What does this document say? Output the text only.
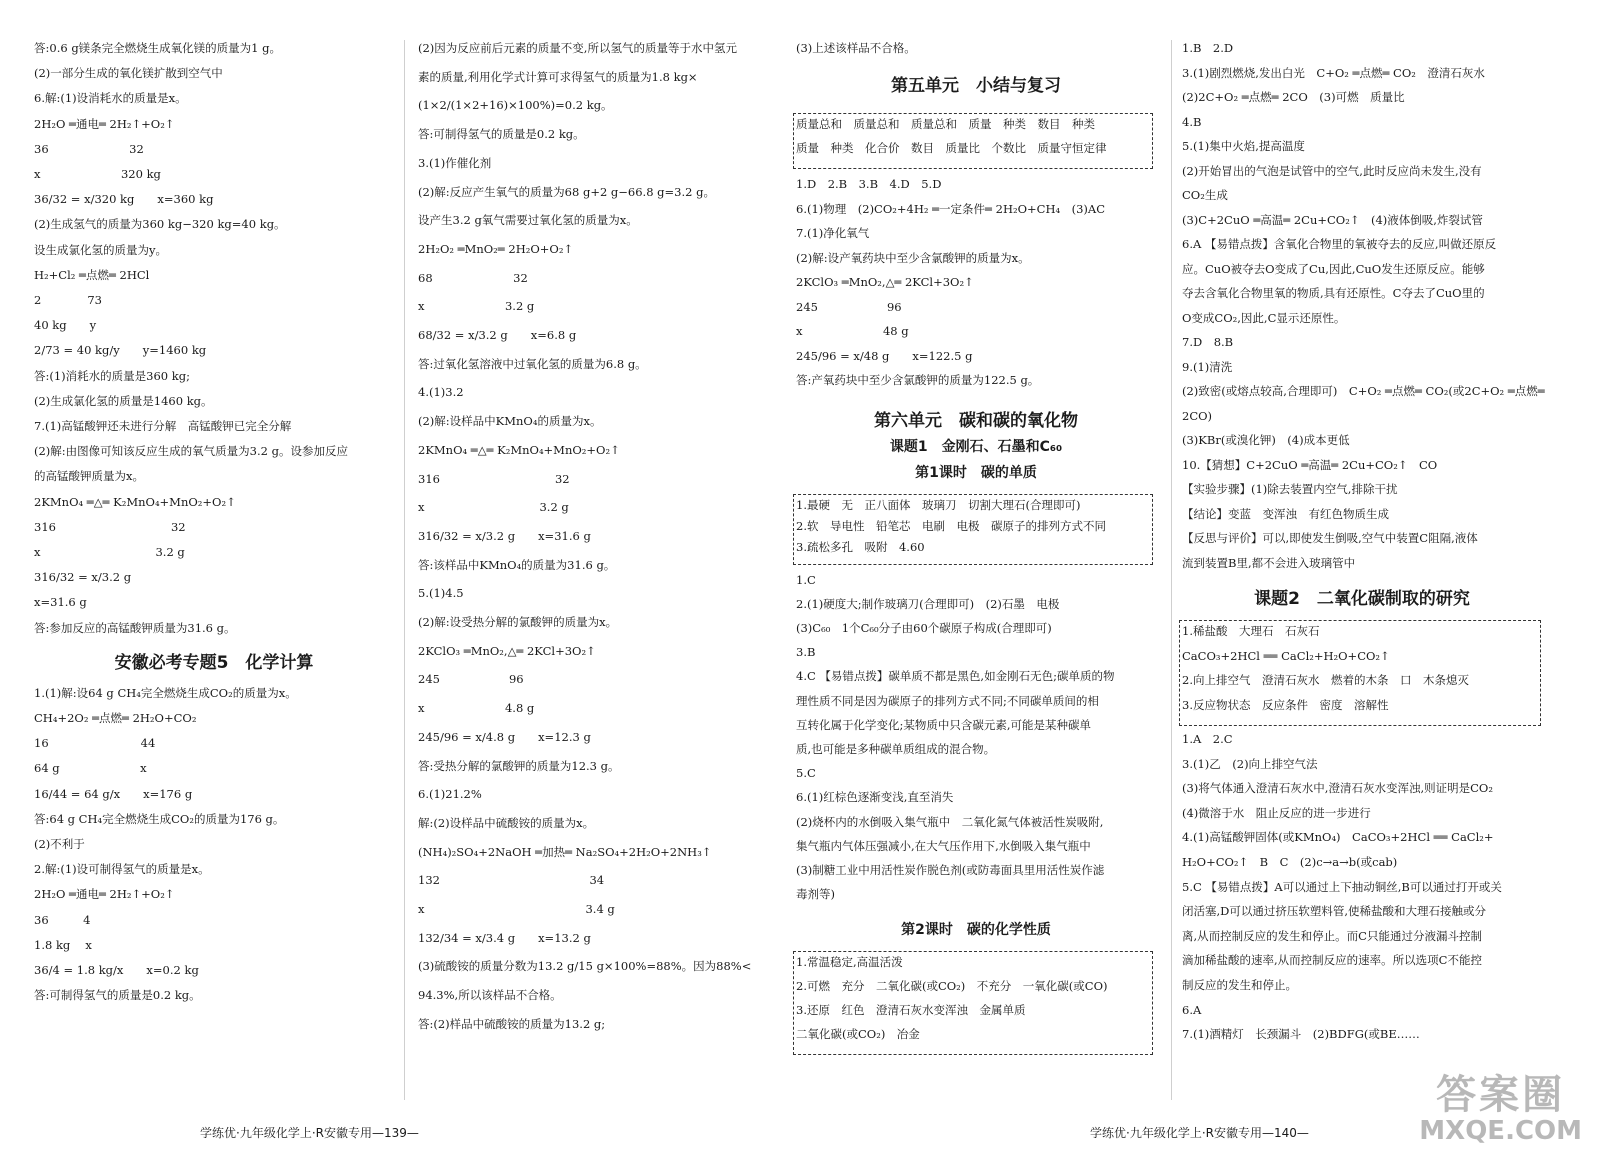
答:0.6 g镁条完全燃烧生成氧化镁的质量为1 g。
(2)一部分生成的氧化镁扩散到空气中
6.解:(1)设消耗水的质量是x。
2H₂O ═通电═ 2H₂↑+O₂↑
36　　　　　　　32
x　　　　　　　320 kg
36/32 = x/320 kg　　x=360 kg
(2)生成氢气的质量为360 kg−320 kg=40 kg。
设生成氯化氢的质量为y。
H₂+Cl₂ ═点燃═ 2HCl
2　　　　73
40 kg　　y
2/73 = 40 kg/y　　y=1460 kg
答:(1)消耗水的质量是360 kg;
(2)生成氯化氢的质量是1460 kg。
7.(1)高锰酸钾还未进行分解　高锰酸钾已完全分解
(2)解:由图像可知该反应生成的氧气质量为3.2 g。设参加反应
的高锰酸钾质量为x。
2KMnO₄ ═△═ K₂MnO₄+MnO₂+O₂↑
316　　　　　　　　　　32
x　　　　　　　　　　3.2 g
316/32 = x/3.2 g
x=31.6 g
答:参加反应的高锰酸钾质量为31.6 g。
安徽必考专题5　化学计算
1.(1)解:设64 g CH₄完全燃烧生成CO₂的质量为x。
CH₄+2O₂ ═点燃═ 2H₂O+CO₂
16　　　　　　　　44
64 g　　　　　　　x
16/44 = 64 g/x　　x=176 g
答:64 g CH₄完全燃烧生成CO₂的质量为176 g。
(2)不利于
2.解:(1)设可制得氢气的质量是x。
2H₂O ═通电═ 2H₂↑+O₂↑
36　　　4
1.8 kg　 x
36/4 = 1.8 kg/x　　x=0.2 kg
答:可制得氢气的质量是0.2 kg。
(2)因为反应前后元素的质量不变,所以氢气的质量等于水中氢元
素的质量,利用化学式计算可求得氢气的质量为1.8 kg×
(1×2/(1×2+16)×100%)=0.2 kg。
答:可制得氢气的质量是0.2 kg。
3.(1)作催化剂
(2)解:反应产生氧气的质量为68 g+2 g−66.8 g=3.2 g。
设产生3.2 g氧气需要过氧化氢的质量为x。
2H₂O₂ ═MnO₂═ 2H₂O+O₂↑
68　　　　　　　32
x　　　　　　　3.2 g
68/32 = x/3.2 g　　x=6.8 g
答:过氧化氢溶液中过氧化氢的质量为6.8 g。
4.(1)3.2
(2)解:设样品中KMnO₄的质量为x。
2KMnO₄ ═△═ K₂MnO₄+MnO₂+O₂↑
316　　　　　　　　　　32
x　　　　　　　　　　3.2 g
316/32 = x/3.2 g　　x=31.6 g
答:该样品中KMnO₄的质量为31.6 g。
5.(1)4.5
(2)解:设受热分解的氯酸钾的质量为x。
2KClO₃ ═MnO₂,△═ 2KCl+3O₂↑
245　　　　　　96
x　　　　　　　4.8 g
245/96 = x/4.8 g　　x=12.3 g
答:受热分解的氯酸钾的质量为12.3 g。
6.(1)21.2%
解:(2)设样品中硫酸铵的质量为x。
(NH₄)₂SO₄+2NaOH ═加热═ Na₂SO₄+2H₂O+2NH₃↑
132　　　　　　　　　　　　　34
x　　　　　　　　　　　　　　3.4 g
132/34 = x/3.4 g　　x=13.2 g
(3)硫酸铵的质量分数为13.2 g/15 g×100%=88%。因为88%<
94.3%,所以该样品不合格。
答:(2)样品中硫酸铵的质量为13.2 g;
学练优·九年级化学上·R安徽专用—139—
(3)上述该样品不合格。
第五单元　小结与复习
质量总和　质量总和　质量总和　质量　种类　数目　种类
质量　种类　化合价　数目　质量比　个数比　质量守恒定律
1.D　2.B　3.B　4.D　5.D
6.(1)物理　(2)CO₂+4H₂ ═一定条件═ 2H₂O+CH₄　(3)AC
7.(1)净化氧气
(2)解:设产氧药块中至少含氯酸钾的质量为x。
2KClO₃ ═MnO₂,△═ 2KCl+3O₂↑
245　　　　　　96
x　　　　　　　48 g
245/96 = x/48 g　　x=122.5 g
答:产氧药块中至少含氯酸钾的质量为122.5 g。
第六单元　碳和碳的氧化物
课题1　金刚石、石墨和C₆₀
第1课时　碳的单质
1.最硬　无　正八面体　玻璃刀　切割大理石(合理即可)
2.软　导电性　铅笔芯　电刷　电极　碳原子的排列方式不同
3.疏松多孔　吸附　4.60
1.C
2.(1)硬度大;制作玻璃刀(合理即可)　(2)石墨　电极
(3)C₆₀　1个C₆₀分子由60个碳原子构成(合理即可)
3.B
4.C 【易错点拨】碳单质不都是黑色,如金刚石无色;碳单质的物
理性质不同是因为碳原子的排列方式不同;不同碳单质间的相
互转化属于化学变化;某物质中只含碳元素,可能是某种碳单
质,也可能是多种碳单质组成的混合物。
5.C
6.(1)红棕色逐渐变浅,直至消失
(2)烧杯内的水倒吸入集气瓶中　二氧化氮气体被活性炭吸附,
集气瓶内气体压强减小,在大气压作用下,水倒吸入集气瓶中
(3)制糖工业中用活性炭作脱色剂(或防毒面具里用活性炭作滤
毒剂等)
第2课时　碳的化学性质
1.常温稳定,高温活泼
2.可燃　充分　二氧化碳(或CO₂)　不充分　一氧化碳(或CO)
3.还原　红色　澄清石灰水变浑浊　金属单质
二氧化碳(或CO₂)　冶金
1.B　2.D
3.(1)剧烈燃烧,发出白光　C+O₂ ═点燃═ CO₂　澄清石灰水
(2)2C+O₂ ═点燃═ 2CO　(3)可燃　质量比
4.B
5.(1)集中火焰,提高温度
(2)开始冒出的气泡是试管中的空气,此时反应尚未发生,没有
CO₂生成
(3)C+2CuO ═高温═ 2Cu+CO₂↑　(4)液体倒吸,炸裂试管
6.A 【易错点拨】含氧化合物里的氧被夺去的反应,叫做还原反
应。CuO被夺去O变成了Cu,因此,CuO发生还原反应。能够
夺去含氧化合物里氧的物质,具有还原性。C夺去了CuO里的
O变成CO₂,因此,C显示还原性。
7.D　8.B
9.(1)清洗
(2)致密(或熔点较高,合理即可)　C+O₂ ═点燃═ CO₂(或2C+O₂ ═点燃═
2CO)
(3)KBr(或溴化钾)　(4)成本更低
10.【猜想】C+2CuO ═高温═ 2Cu+CO₂↑　CO
【实验步骤】(1)除去装置内空气,排除干扰
【结论】变蓝　变浑浊　有红色物质生成
【反思与评价】可以,即使发生倒吸,空气中装置C阻隔,液体
流到装置B里,都不会进入玻璃管中
课题2　二氧化碳制取的研究
1.稀盐酸　大理石　石灰石
CaCO₃+2HCl ══ CaCl₂+H₂O+CO₂↑
2.向上排空气　澄清石灰水　燃着的木条　口　木条熄灭
3.反应物状态　反应条件　密度　溶解性
1.A　2.C
3.(1)乙　(2)向上排空气法
(3)将气体通入澄清石灰水中,澄清石灰水变浑浊,则证明是CO₂
(4)微溶于水　阻止反应的进一步进行
4.(1)高锰酸钾固体(或KMnO₄)　CaCO₃+2HCl ══ CaCl₂+
H₂O+CO₂↑　B　C　(2)c→a→b(或cab)
5.C 【易错点拨】A可以通过上下抽动铜丝,B可以通过打开或关
闭活塞,D可以通过挤压软塑料管,使稀盐酸和大理石接触或分
离,从而控制反应的发生和停止。而C只能通过分液漏斗控制
滴加稀盐酸的速率,从而控制反应的速率。所以选项C不能控
制反应的发生和停止。
6.A
7.(1)酒精灯　长颈漏斗　(2)BDFG(或BE……
学练优·九年级化学上·R安徽专用—140—
答案圈
MXQE.COM
